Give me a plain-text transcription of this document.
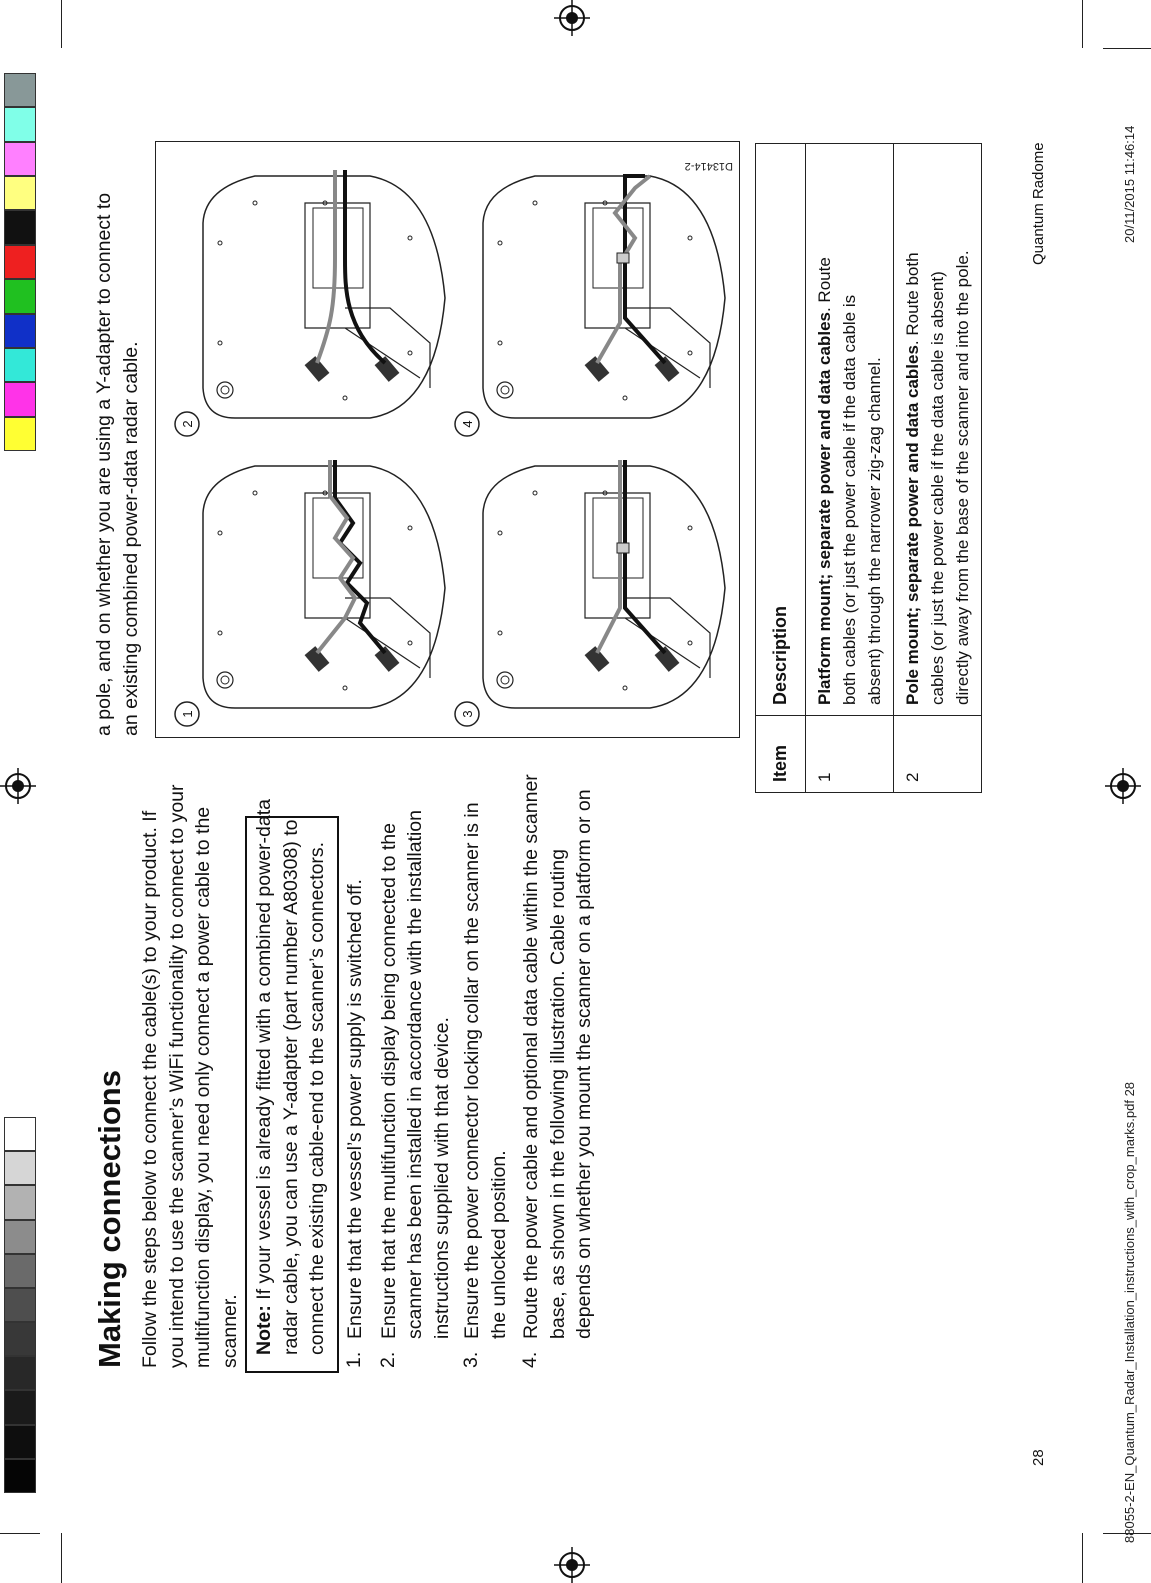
Making connections Follow the steps below to connect the cable(s) to your product. If you intend to use the scanner’s WiFi functionality to connect to your multifunction display, you need only connect a power cable to the scanner. Note: If your vessel is already fitted with a combined power-data radar cable, you can use a Y-adapter (part number A80308) to connect the existing cable-end to the scanner’s connectors.
1.
Ensure that the vessel’s power supply is switched off.
2.
Ensure that the multifunction display being connected to the scanner has been installed in accordance with the installation instructions supplied with that device.
3.
Ensure the power connector locking collar on the scanner is in the unlocked position.
4.
Route the power cable and optional data cable within the scanner base, as shown in the following illustration. Cable routing depends on whether you mount the scanner on a platform or on
a pole, and on whether you are using a Y-adapter to connect to an existing combined power-data radar cable.	1
2
3
4
D13414-2
Item	Description
1	Platform mount; separate power and data cables. Route
both cables (or just the power cable if the data cable is absent) through the narrower zig-zag channel.
2	Pole mount; separate power and data cables. Route both cables (or just the power cable if the data cable is absent) directly away from the base of the scanner and into the pole.
28
Quantum Radome
88055-2-EN_Quantum_Radar_Installation_instructions_with_crop_marks.pdf 28
20/11/2015 11:46:14
